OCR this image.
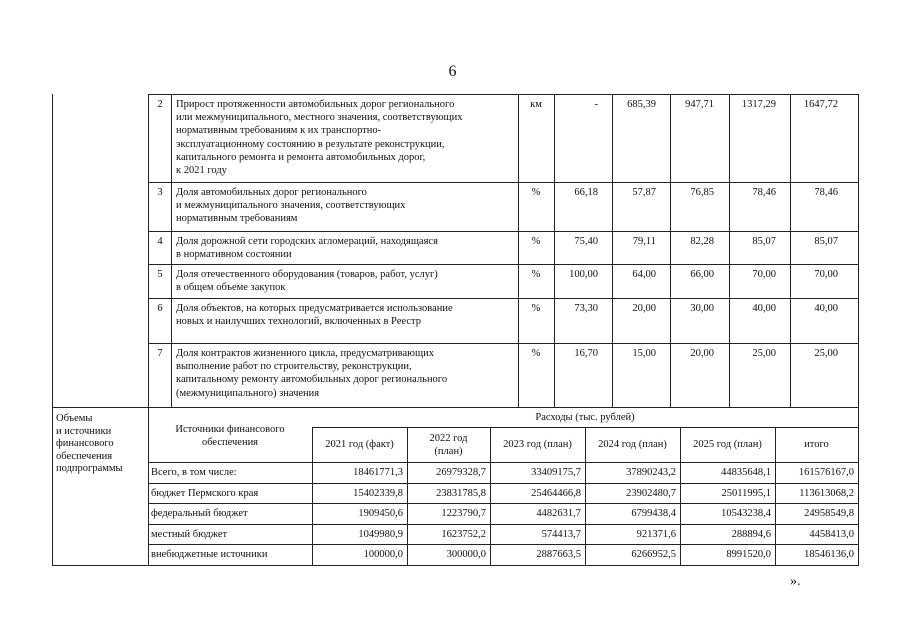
6
2	Прирост протяженности автомобильных дорог регионального
или межмуниципального, местного значения, соответствующих
нормативным требованиям к их транспортно-
эксплуатационному состоянию в результате реконструкции,
капитального ремонта и ремонта автомобильных дорог,
к 2021 году
км	-	685,39	947,71	1317,29	1647,72
3	Доля автомобильных дорог регионального
и межмуниципального значения, соответствующих
нормативным требованиям
%	66,18	57,87	76,85	78,46	78,46
4	Доля дорожной сети городских агломераций, находящаяся
в нормативном состоянии
%	75,40	79,11	82,28	85,07	85,07
5	Доля отечественного оборудования (товаров, работ, услуг)
в общем объеме закупок
%	100,00	64,00	66,00	70,00	70,00
6	Доля объектов, на которых предусматривается использование
новых и наилучших технологий, включенных в Реестр
%	73,30	20,00	30,00	40,00	40,00
7	Доля контрактов жизненного цикла, предусматривающих
выполнение работ по строительству, реконструкции,
капитальному ремонту автомобильных дорог регионального
(межмуниципального) значения
%	16,70	15,00	20,00	25,00	25,00
Объемы
и источники
финансового
обеспечения
подпрограммы
Источники финансового
обеспечения
Расходы (тыс. рублей)
2021 год (факт)
2022 год
(план)
2023 год (план)	2024 год (план)	2025 год (план)	итого
Всего, в том числе:	18461771,3	26979328,7	33409175,7	37890243,2	44835648,1	161576167,0
бюджет Пермского края	15402339,8	23831785,8	25464466,8	23902480,7	25011995,1	113613068,2
федеральный бюджет	1909450,6	1223790,7	4482631,7	6799438,4	10543238,4	24958549,8
местный бюджет	1049980,9	1623752,2	574413,7	921371,6	288894,6	4458413,0
внебюджетные источники	100000,0	300000,0	2887663,5	6266952,5	8991520,0	18546136,0
».
